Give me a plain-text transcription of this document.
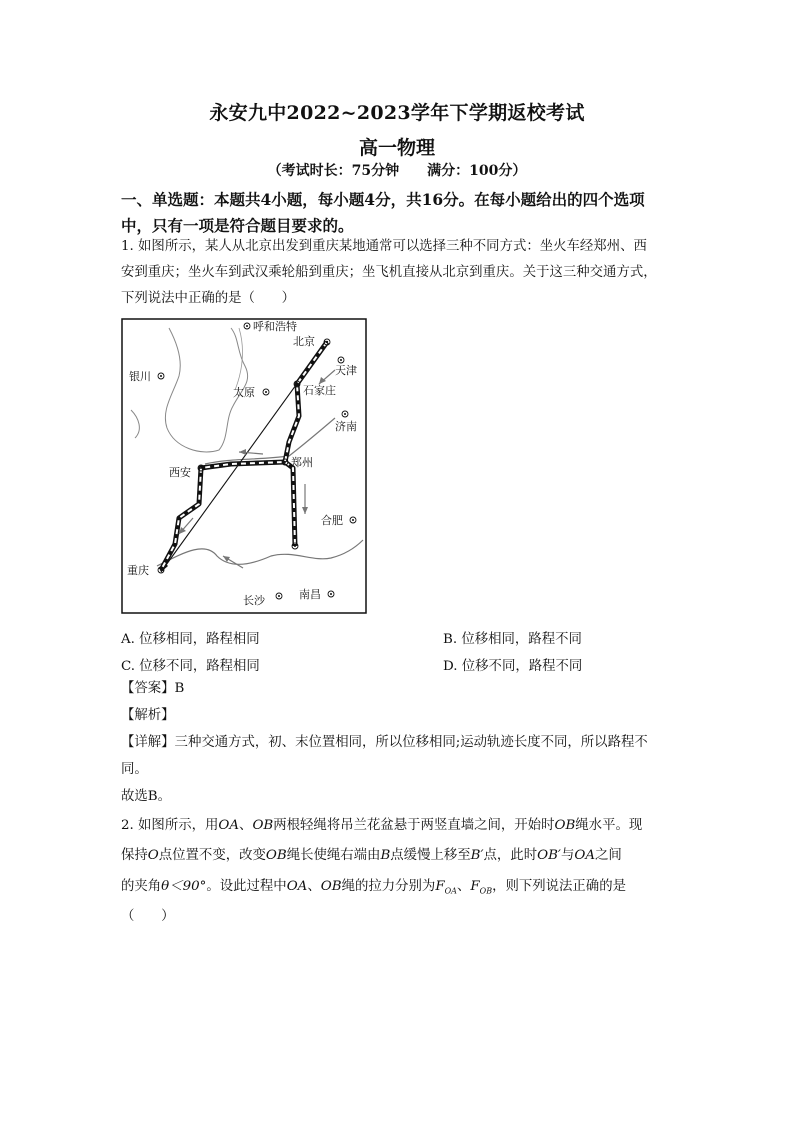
永安九中2022~2023学年下学期返校考试
高一物理
（考试时长：75分钟　　满分：100分）
一、单选题：本题共4小题，每小题4分，共16分。在每小题给出的四个选项
中，只有一项是符合题目要求的。
1. 如图所示，某人从北京出发到重庆某地通常可以选择三种不同方式：坐火车经郑州、西
安到重庆；坐火车到武汉乘轮船到重庆；坐飞机直接从北京到重庆。关于这三种交通方式，
下列说法中正确的是（　　）
呼和浩特
北京
天津
银川
太原	石家庄
济南
西安
郑州
合肥
重庆
长沙	南昌
A. 位移相同，路程相同	B. 位移相同，路程不同
C. 位移不同，路程相同	D. 位移不同，路程不同
【答案】B
【解析】
【详解】三种交通方式，初、末位置相同，所以位移相同;运动轨迹长度不同，所以路程不
同。
故选B。
2. 如图所示，用OA、OB两根轻绳将吊兰花盆悬于两竖直墙之间，开始时OB绳水平。现
保持O点位置不变，改变OB绳长使绳右端由B点缓慢上移至B′点，此时OB′与OA之间
的夹角θ＜90°。设此过程中OA、OB绳的拉力分别为$F_{OA}$、$F_{OB}$，则下列说法正确的是
（　　）
